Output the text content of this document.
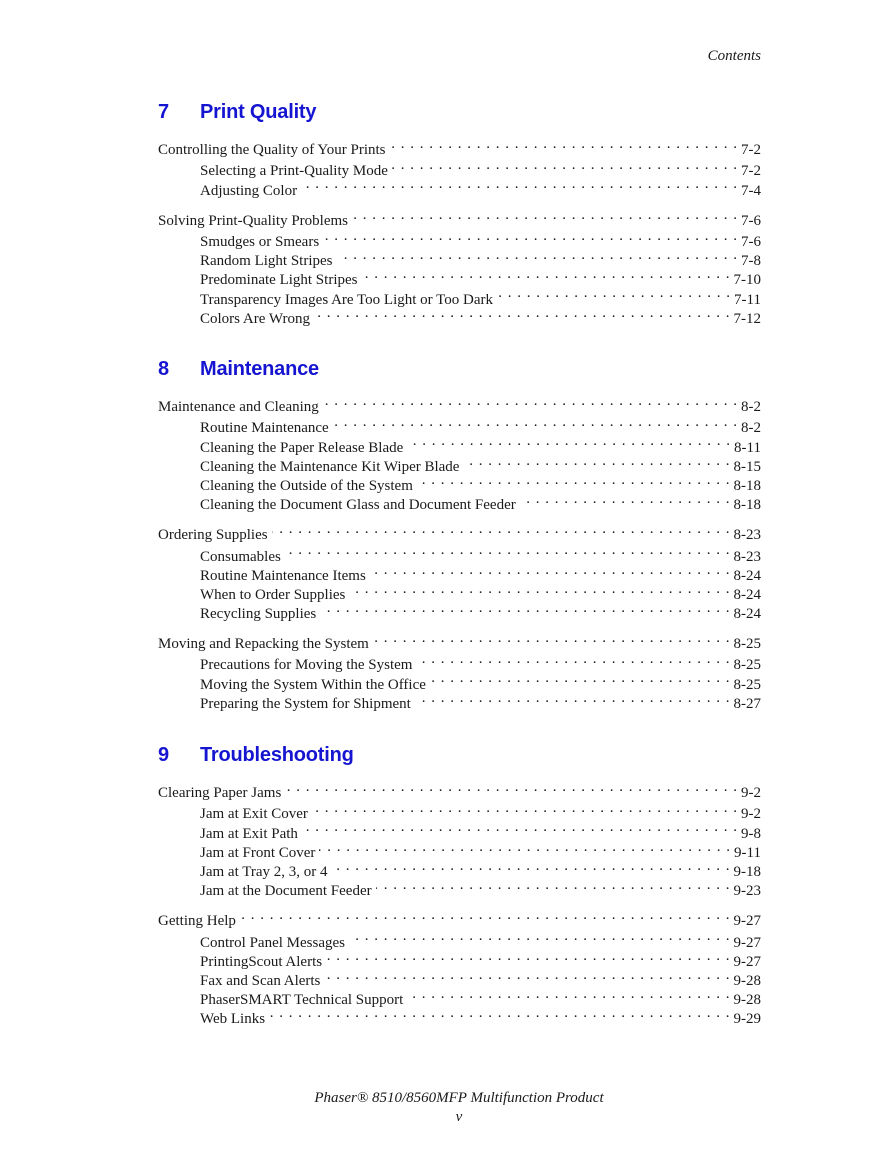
Contents
7	Print Quality
Controlling the Quality of Your Prints . . .	7-2
Selecting a Print-Quality Mode . . .	7-2
Adjusting Color . . .	7-4
Solving Print-Quality Problems . . .	7-6
Smudges or Smears . . .	7-6
Random Light Stripes . . .	7-8
Predominate Light Stripes . . .	7-10
Transparency Images Are Too Light or Too Dark . . .	7-11
Colors Are Wrong . . .	7-12
8	Maintenance
Maintenance and Cleaning . . .	8-2
Routine Maintenance . . .	8-2
Cleaning the Paper Release Blade . . .	8-11
Cleaning the Maintenance Kit Wiper Blade . . .	8-15
Cleaning the Outside of the System . . .	8-18
Cleaning the Document Glass and Document Feeder . . .	8-18
Ordering Supplies . . .	8-23
Consumables . . .	8-23
Routine Maintenance Items . . .	8-24
When to Order Supplies . . .	8-24
Recycling Supplies . . .	8-24
Moving and Repacking the System . . .	8-25
Precautions for Moving the System . . .	8-25
Moving the System Within the Office . . .	8-25
Preparing the System for Shipment . . .	8-27
9	Troubleshooting
Clearing Paper Jams . . .	9-2
Jam at Exit Cover . . .	9-2
Jam at Exit Path . . .	9-8
Jam at Front Cover . . .	9-11
Jam at Tray 2, 3, or 4 . . .	9-18
Jam at the Document Feeder . . .	9-23
Getting Help . . .	9-27
Control Panel Messages . . .	9-27
PrintingScout Alerts . . .	9-27
Fax and Scan Alerts . . .	9-28
PhaserSMART Technical Support . . .	9-28
Web Links . . .	9-29
Phaser® 8510/8560MFP Multifunction Product
v
